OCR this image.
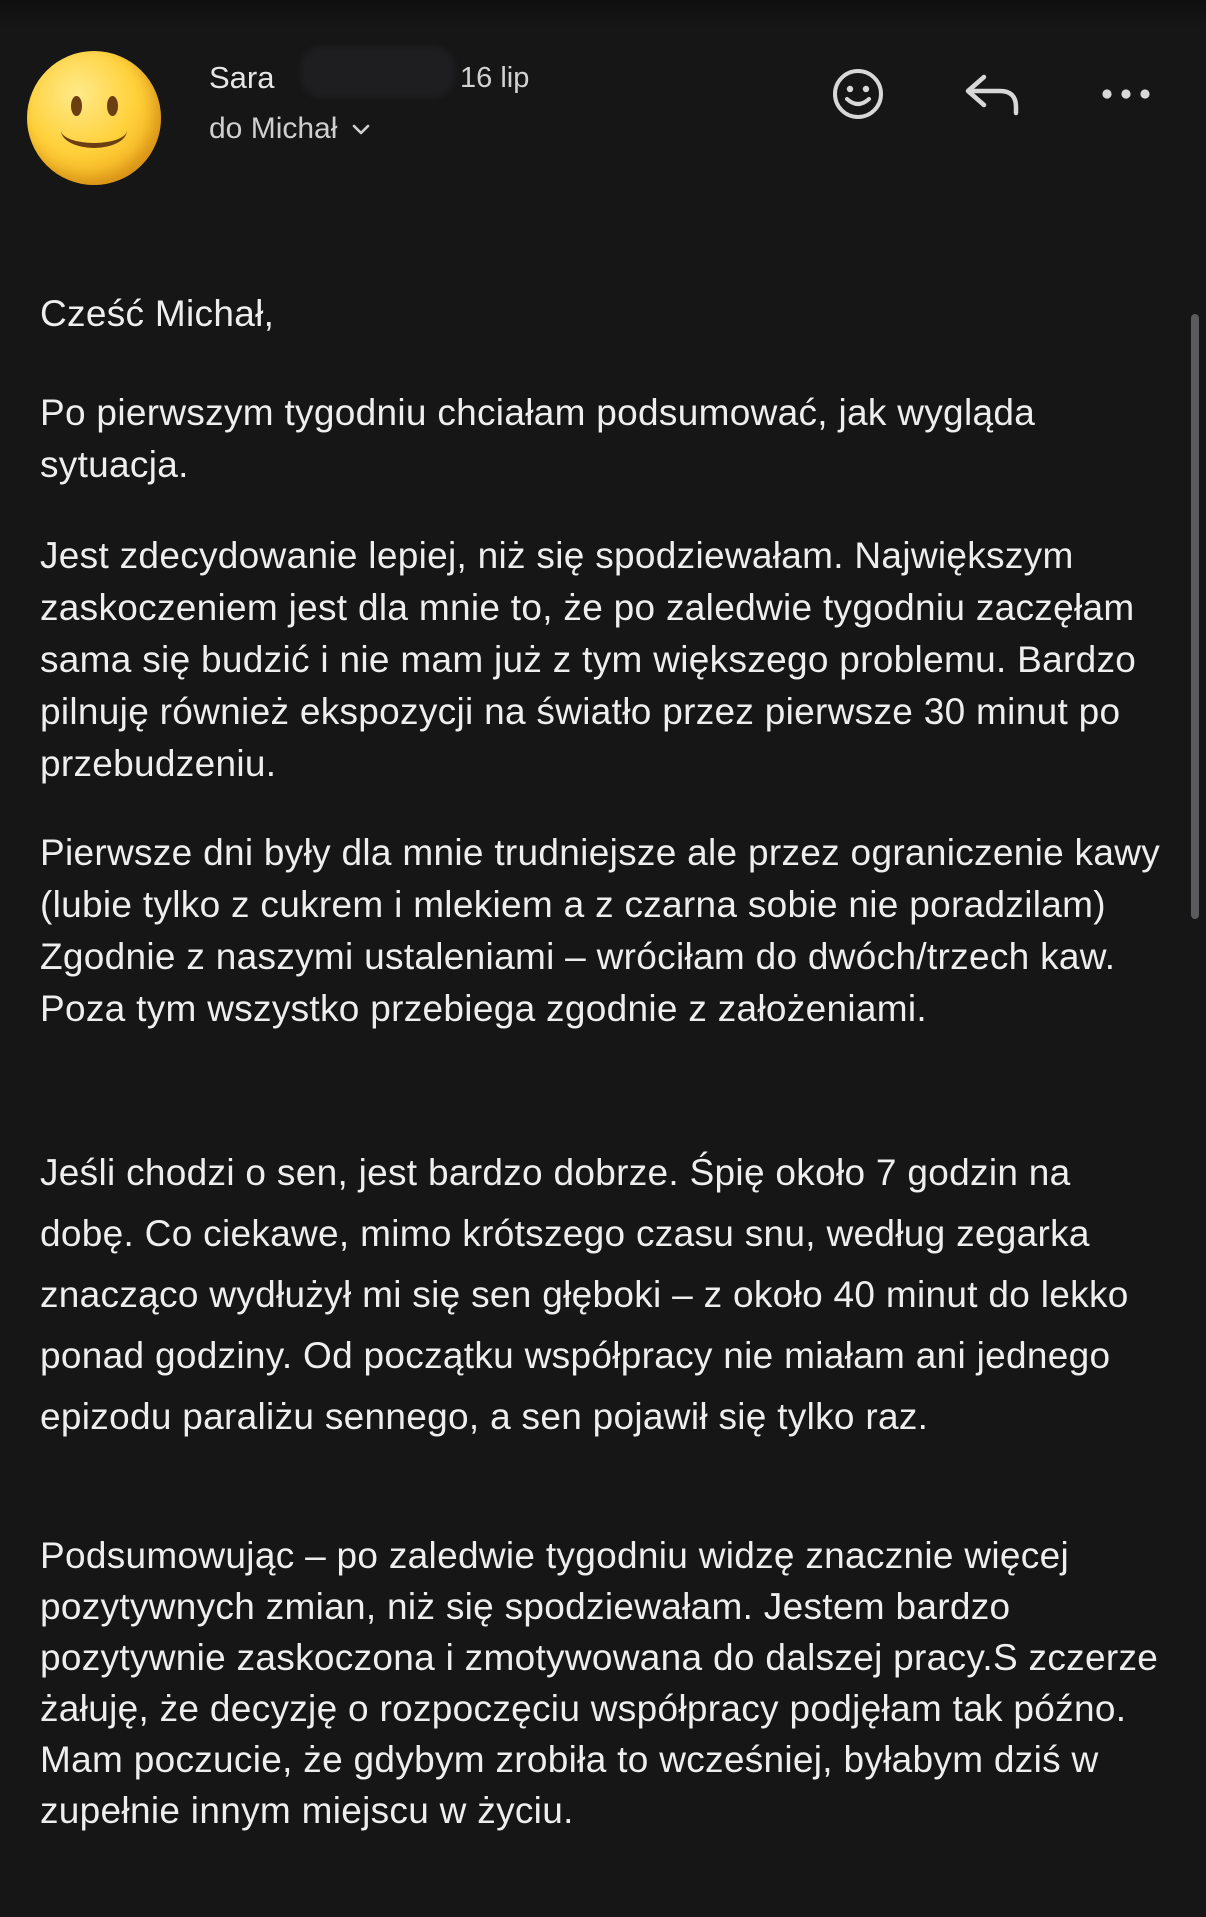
Sara	16 lip
do Michał
Cześć Michał,
Po pierwszym tygodniu chciałam podsumować, jak wygląda sytuacja.
Jest zdecydowanie lepiej, niż się spodziewałam. Największym zaskoczeniem jest dla mnie to, że po zaledwie tygodniu zaczęłam sama się budzić i nie mam już z tym większego problemu. Bardzo pilnuję również ekspozycji na światło przez pierwsze 30 minut po przebudzeniu.
Pierwsze dni były dla mnie trudniejsze ale przez ograniczenie kawy (lubie tylko z cukrem i mlekiem a z czarna sobie nie poradzilam) Zgodnie z naszymi ustaleniami – wróciłam do dwóch/trzech kaw. Poza tym wszystko przebiega zgodnie z założeniami.
Jeśli chodzi o sen, jest bardzo dobrze. Śpię około 7 godzin na dobę. Co ciekawe, mimo krótszego czasu snu, według zegarka znacząco wydłużył mi się sen głęboki – z około 40 minut do lekko ponad godziny. Od początku współpracy nie miałam ani jednego epizodu paraliżu sennego, a sen pojawił się tylko raz.
Podsumowując – po zaledwie tygodniu widzę znacznie więcej pozytywnych zmian, niż się spodziewałam. Jestem bardzo pozytywnie zaskoczona i zmotywowana do dalszej pracy.S zczerze żałuję, że decyzję o rozpoczęciu współpracy podjęłam tak późno. Mam poczucie, że gdybym zrobiła to wcześniej, byłabym dziś w zupełnie innym miejscu w życiu.
